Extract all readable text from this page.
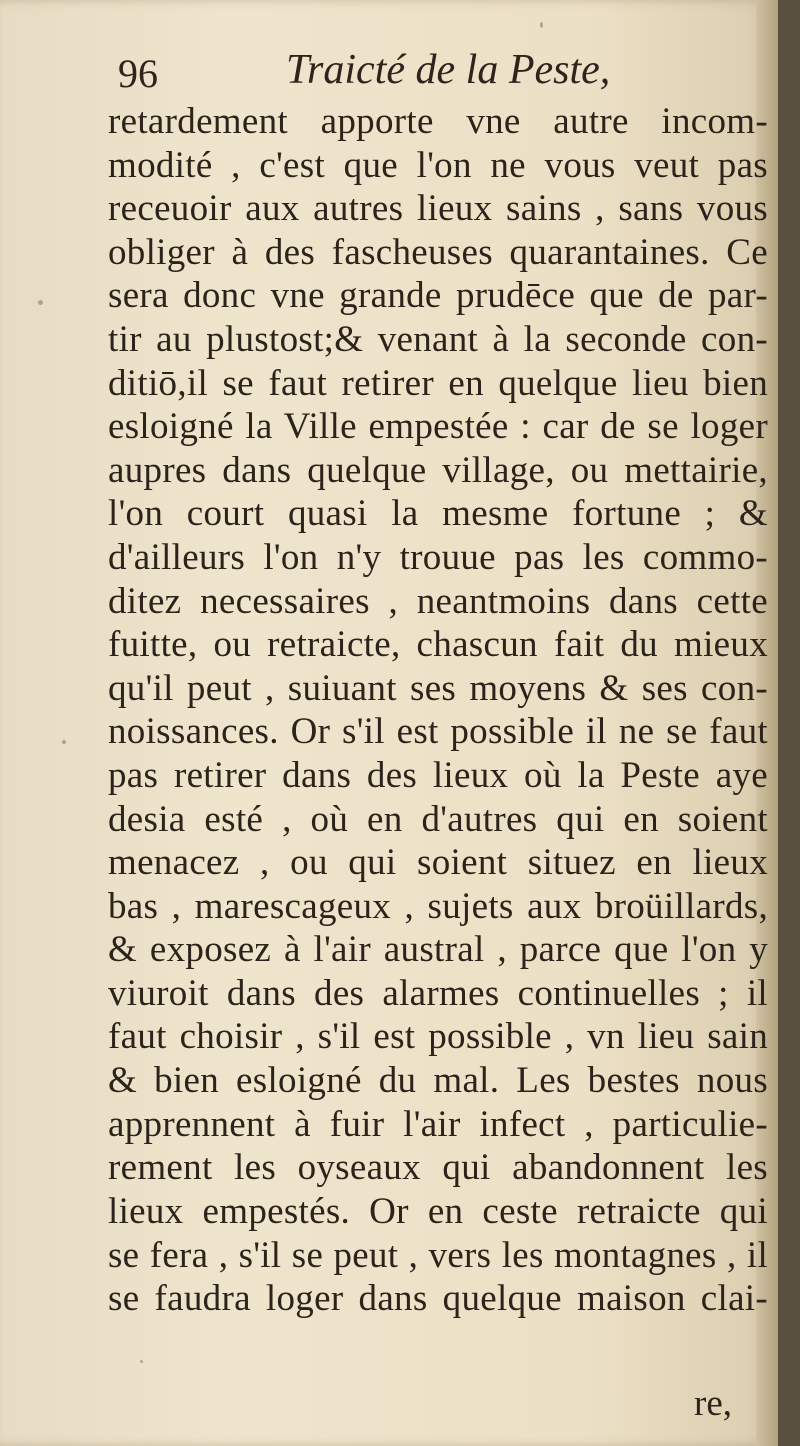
96	Traicté de la Peste,
retardement apporte vne autre incom-
modité , c'est que l'on ne vous veut pas
receuoir aux autres lieux sains , sans vous
obliger à des fascheuses quarantaines. Ce
sera donc vne grande prudēce que de par-
tir au plustost;& venant à la seconde con-
ditiō,il se faut retirer en quelque lieu bien
esloigné la Ville empestée : car de se loger
aupres dans quelque village, ou mettairie,
l'on court quasi la mesme fortune ; &
d'ailleurs l'on n'y trouue pas les commo-
ditez necessaires , neantmoins dans cette
fuitte, ou retraicte, chascun fait du mieux
qu'il peut , suiuant ses moyens & ses con-
noissances. Or s'il est possible il ne se faut
pas retirer dans des lieux où la Peste aye
desia esté , où en d'autres qui en soient
menacez , ou qui soient situez en lieux
bas , marescageux , sujets aux broüillards,
& exposez à l'air austral , parce que l'on y
viuroit dans des alarmes continuelles ; il
faut choisir , s'il est possible , vn lieu sain
& bien esloigné du mal. Les bestes nous
apprennent à fuir l'air infect , particulie-
rement les oyseaux qui abandonnent les
lieux empestés. Or en ceste retraicte qui
se fera , s'il se peut , vers les montagnes , il
se faudra loger dans quelque maison clai-
re,
